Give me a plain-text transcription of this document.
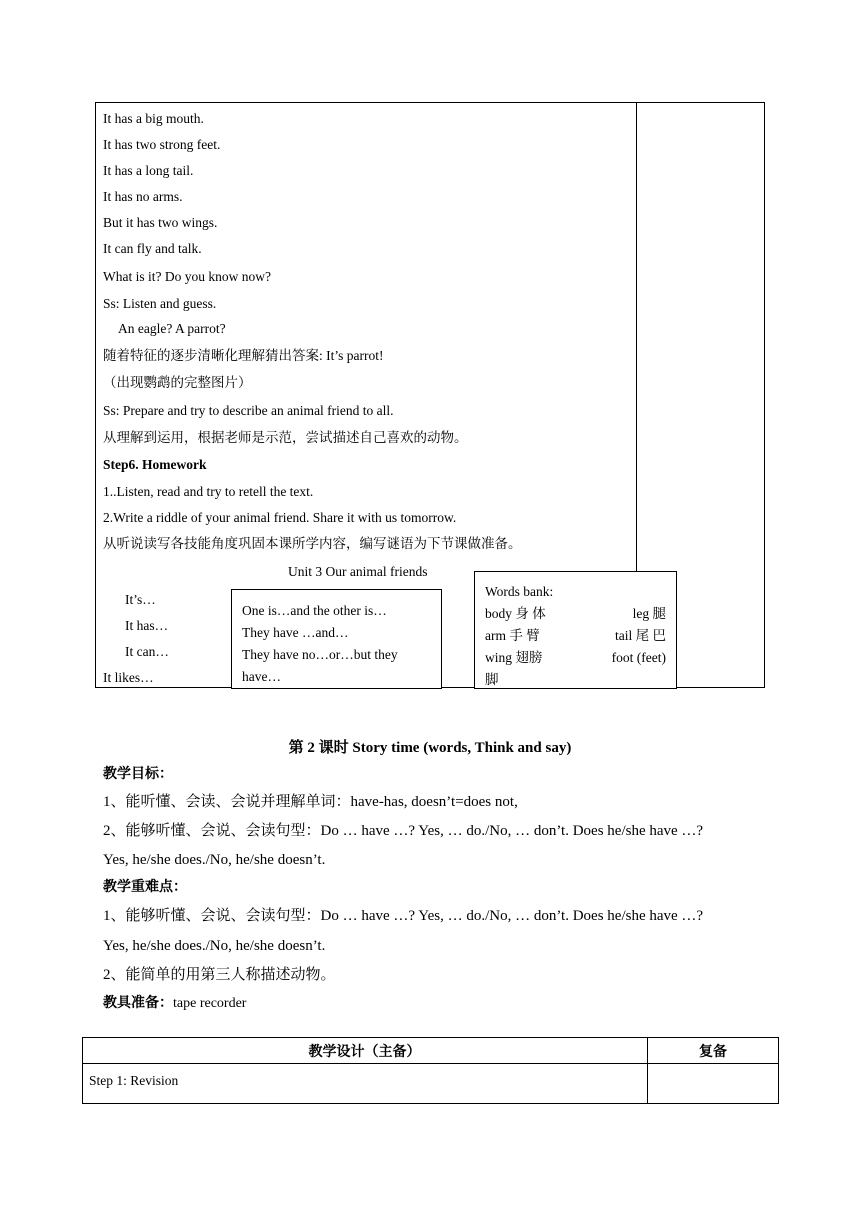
It has a big mouth.
It has two strong feet.
It has a long tail.
It has no arms.
But it has two wings.
It can fly and talk.
What is it? Do you know now?
Ss: Listen and guess.
An eagle? A parrot?
随着特征的逐步清晰化理解猜出答案: It’s parrot!
（出现鹦鹉的完整图片）
Ss: Prepare and try to describe an animal friend to all.
从理解到运用，根据老师是示范，尝试描述自己喜欢的动物。
Step6. Homework
1..Listen, read and try to retell the text.
2.Write a riddle of your animal friend. Share it with us tomorrow.
从听说读写各技能角度巩固本课所学内容，编写谜语为下节课做准备。
Unit 3 Our animal friends
It’s…
It has…
It can…
It likes…
One is…and the other is…
They have …and…
They have no…or…but they
have…
Words bank:
body 身 体	leg 腿
arm 手 臂	tail 尾 巴
wing 翅膀	foot (feet)
脚
第 2 课时 Story time (words, Think and say)
教学目标：
1、能听懂、会读、会说并理解单词：have-has, doesn’t=does not,
2、能够听懂、会说、会读句型：Do … have …? Yes, … do./No, … don’t. Does he/she have …?
Yes, he/she does./No, he/she doesn’t.
教学重难点：
1、能够听懂、会说、会读句型：Do … have …? Yes, … do./No, … don’t. Does he/she have …?
Yes, he/she does./No, he/she doesn’t.
2、能简单的用第三人称描述动物。
教具准备：tape recorder
教学设计（主备）	复备
Step 1: Revision
